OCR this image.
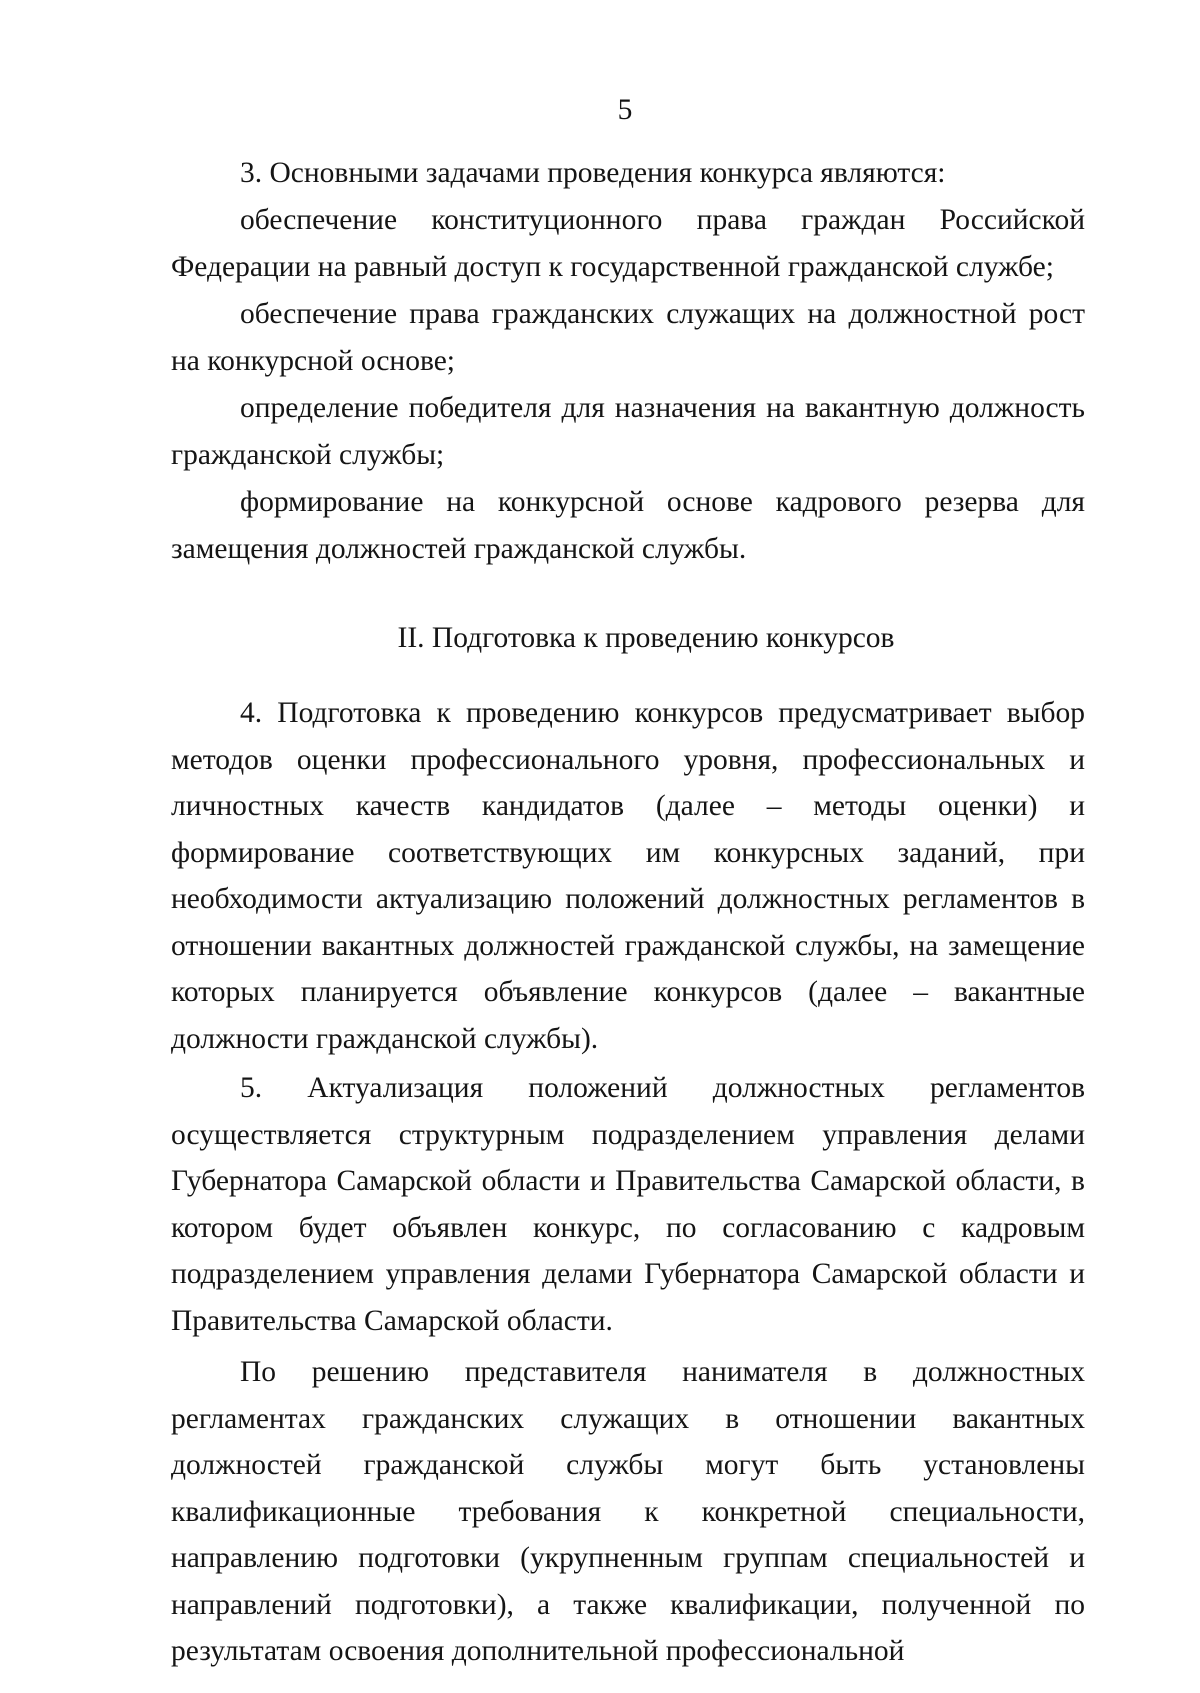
5

3. Основными задачами проведения конкурса являются:

обеспечение конституционного права граждан Российской Федерации на равный доступ к государственной гражданской службе;

обеспечение права гражданских служащих на должностной рост на конкурсной основе;

определение победителя для назначения на вакантную должность гражданской службы;

формирование на конкурсной основе кадрового резерва для замещения должностей гражданской службы.

II. Подготовка к проведению конкурсов

4. Подготовка к проведению конкурсов предусматривает выбор методов оценки профессионального уровня, профессиональных и личностных качеств кандидатов (далее – методы оценки) и формирование соответствующих им конкурсных заданий, при необходимости актуализацию положений должностных регламентов в отношении вакантных должностей гражданской службы, на замещение которых планируется объявление конкурсов (далее – вакантные должности гражданской службы).

5. Актуализация положений должностных регламентов осуществляется структурным подразделением управления делами Губернатора Самарской области и Правительства Самарской области, в котором будет объявлен конкурс, по согласованию с кадровым подразделением управления делами Губернатора Самарской области и Правительства Самарской области.

По решению представителя нанимателя в должностных регламентах гражданских служащих в отношении вакантных должностей гражданской службы могут быть установлены квалификационные требования к конкретной специальности, направлению подготовки (укрупненным группам специальностей и направлений подготовки), а также квалификации, полученной по результатам освоения дополнительной профессиональной
